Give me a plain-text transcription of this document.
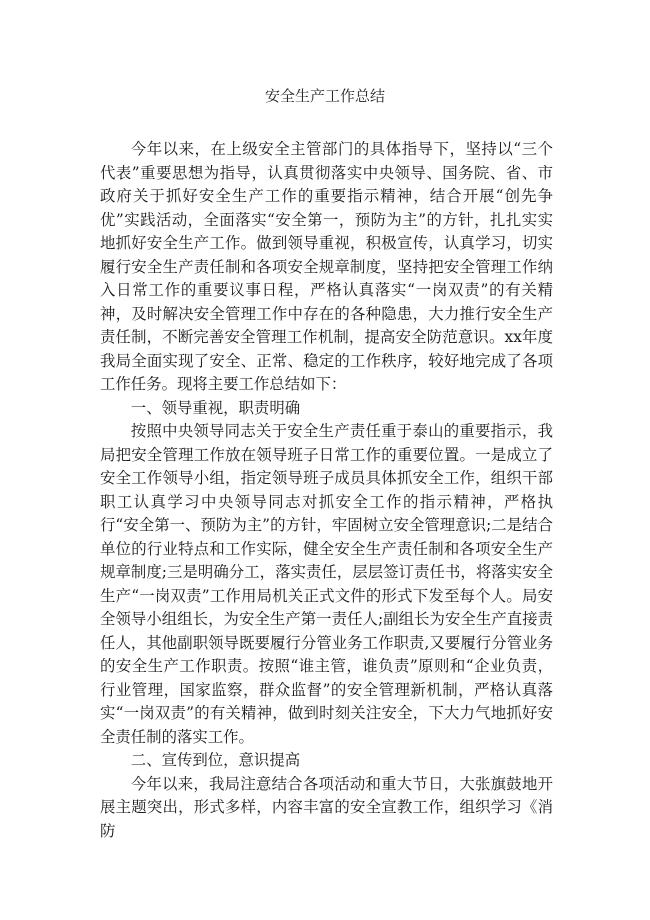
安全生产工作总结

今年以来，在上级安全主管部门的具体指导下，坚持以“三个代表”重要思想为指导，认真贯彻落实中央领导、国务院、省、市政府关于抓好安全生产工作的重要指示精神，结合开展“创先争优”实践活动，全面落实“安全第一，预防为主”的方针，扎扎实实地抓好安全生产工作。做到领导重视，积极宣传，认真学习，切实履行安全生产责任制和各项安全规章制度，坚持把安全管理工作纳入日常工作的重要议事日程，严格认真落实“一岗双责”的有关精神，及时解决安全管理工作中存在的各种隐患，大力推行安全生产责任制，不断完善安全管理工作机制，提高安全防范意识。xx年度我局全面实现了安全、正常、稳定的工作秩序，较好地完成了各项工作任务。现将主要工作总结如下：

一、领导重视，职责明确

按照中央领导同志关于安全生产责任重于泰山的重要指示，我局把安全管理工作放在领导班子日常工作的重要位置。一是成立了安全工作领导小组，指定领导班子成员具体抓安全工作，组织干部职工认真学习中央领导同志对抓安全工作的指示精神，严格执行“安全第一、预防为主”的方针，牢固树立安全管理意识;二是结合单位的行业特点和工作实际，健全安全生产责任制和各项安全生产规章制度;三是明确分工，落实责任，层层签订责任书，将落实安全生产“一岗双责”工作用局机关正式文件的形式下发至每个人。局安全领导小组组长，为安全生产第一责任人;副组长为安全生产直接责任人，其他副职领导既要履行分管业务工作职责,又要履行分管业务的安全生产工作职责。按照“谁主管，谁负责”原则和“企业负责，行业管理，国家监察，群众监督”的安全管理新机制，严格认真落实“一岗双责”的有关精神，做到时刻关注安全，下大力气地抓好安全责任制的落实工作。

二、宣传到位，意识提高

今年以来，我局注意结合各项活动和重大节日，大张旗鼓地开展主题突出，形式多样，内容丰富的安全宣教工作，组织学习《消防
